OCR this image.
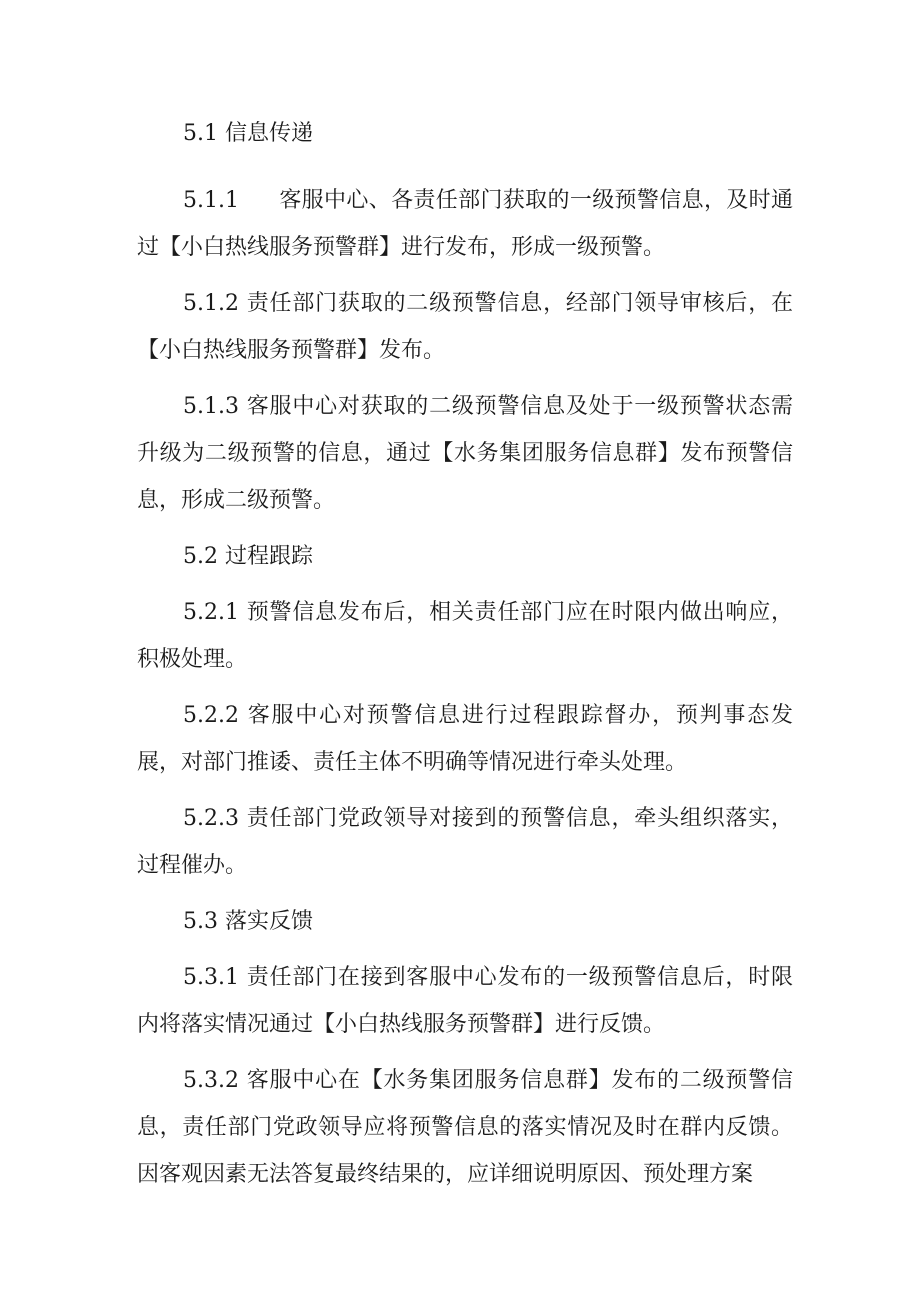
5.1 信息传递

5.1.1 客服中心、各责任部门获取的一级预警信息，及时通过【小白热线服务预警群】进行发布，形成一级预警。

5.1.2 责任部门获取的二级预警信息，经部门领导审核后，在【小白热线服务预警群】发布。

5.1.3 客服中心对获取的二级预警信息及处于一级预警状态需升级为二级预警的信息，通过【水务集团服务信息群】发布预警信息，形成二级预警。

5.2 过程跟踪

5.2.1 预警信息发布后，相关责任部门应在时限内做出响应，积极处理。

5.2.2 客服中心对预警信息进行过程跟踪督办，预判事态发展，对部门推诿、责任主体不明确等情况进行牵头处理。

5.2.3 责任部门党政领导对接到的预警信息，牵头组织落实，过程催办。

5.3 落实反馈

5.3.1 责任部门在接到客服中心发布的一级预警信息后，时限内将落实情况通过【小白热线服务预警群】进行反馈。

5.3.2 客服中心在【水务集团服务信息群】发布的二级预警信息，责任部门党政领导应将预警信息的落实情况及时在群内反馈。因客观因素无法答复最终结果的，应详细说明原因、预处理方案
